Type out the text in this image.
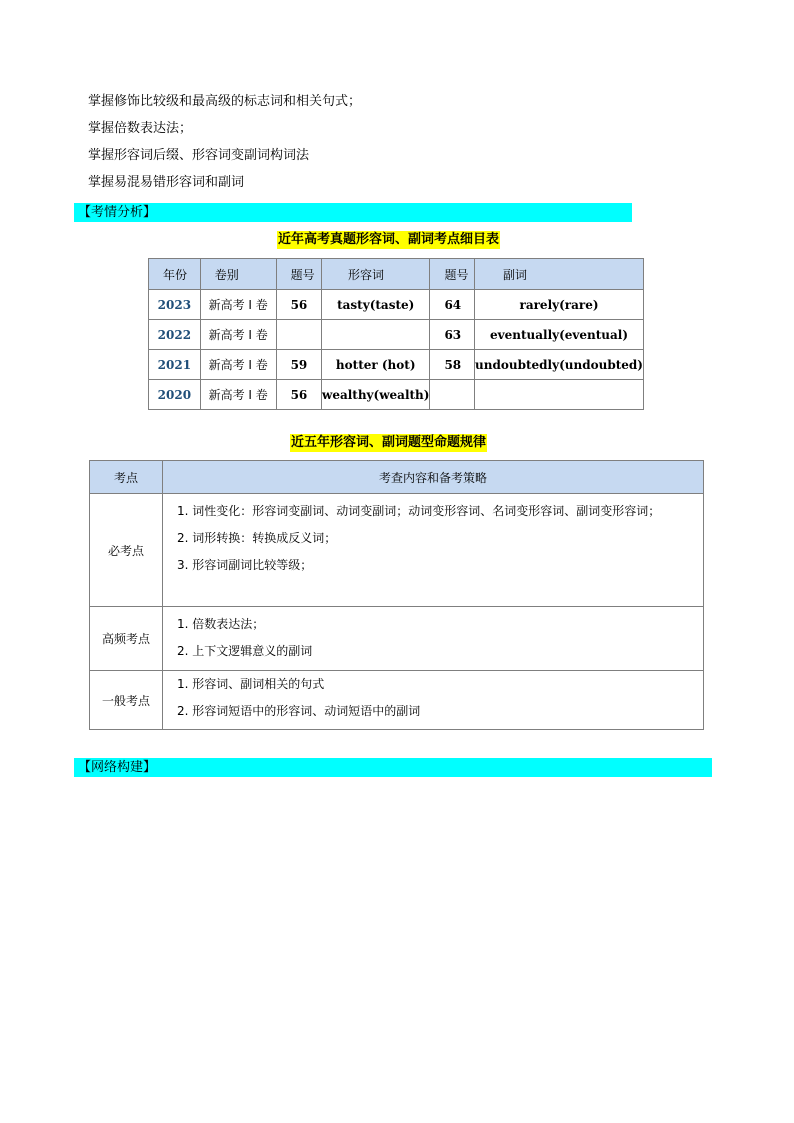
掌握修饰比较级和最高级的标志词和相关句式；
掌握倍数表达法；
掌握形容词后缀、形容词变副词构词法
掌握易混易错形容词和副词
【考情分析】
近年高考真题形容词、副词考点细目表
年份	卷别	题号	形容词	题号	副词
2023	新高考 I 卷	56	tasty(taste)	64	rarely(rare)
2022	新高考 I 卷			63	eventually(eventual)
2021	新高考 I 卷	59	hotter (hot)	58	undoubtedly(undoubted)
2020	新高考 I 卷	56	wealthy(wealth)		
近五年形容词、副词题型命题规律
考点	考查内容和备考策略
必考点	1. 词性变化：形容词变副词、动词变副词；动词变形容词、名词变形容词、副词变形容词；
2. 词形转换：转换成反义词；
3. 形容词副词比较等级；

高频考点	1. 倍数表达法；
2. 上下文逻辑意义的副词

一般考点	1. 形容词、副词相关的句式
2. 形容词短语中的形容词、动词短语中的副词
【网络构建】
